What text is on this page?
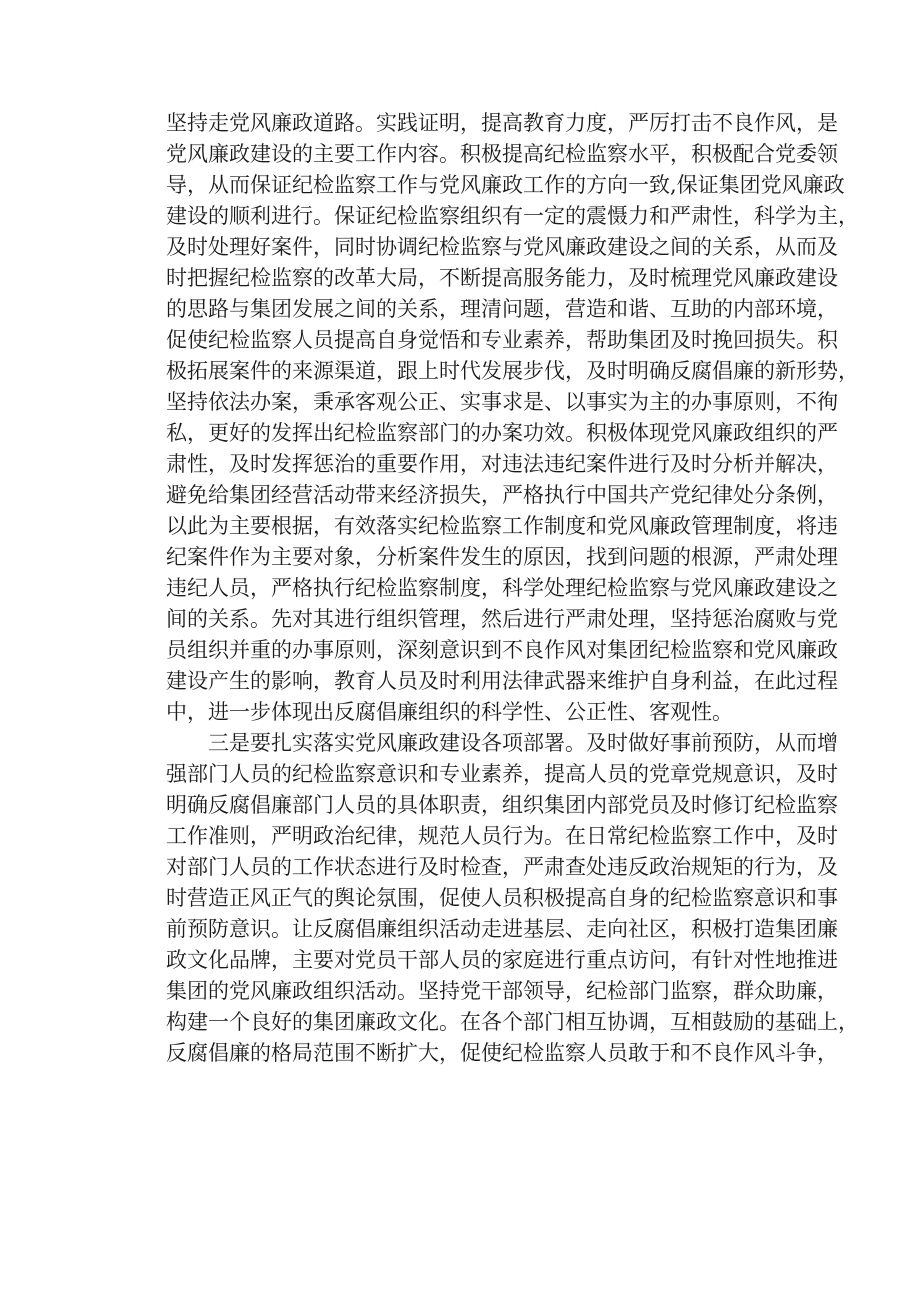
坚持走党风廉政道路。实践证明，提高教育力度，严厉打击不良作风，是
党风廉政建设的主要工作内容。积极提高纪检监察水平，积极配合党委领
导，从而保证纪检监察工作与党风廉政工作的方向一致,保证集团党风廉政
建设的顺利进行。保证纪检监察组织有一定的震慑力和严肃性，科学为主，
及时处理好案件，同时协调纪检监察与党风廉政建设之间的关系，从而及
时把握纪检监察的改革大局，不断提高服务能力，及时梳理党风廉政建设
的思路与集团发展之间的关系，理清问题，营造和谐、互助的内部环境，
促使纪检监察人员提高自身觉悟和专业素养，帮助集团及时挽回损失。积
极拓展案件的来源渠道，跟上时代发展步伐，及时明确反腐倡廉的新形势，
坚持依法办案，秉承客观公正、实事求是、以事实为主的办事原则，不徇
私，更好的发挥出纪检监察部门的办案功效。积极体现党风廉政组织的严
肃性，及时发挥惩治的重要作用，对违法违纪案件进行及时分析并解决，
避免给集团经营活动带来经济损失，严格执行中国共产党纪律处分条例，
以此为主要根据，有效落实纪检监察工作制度和党风廉政管理制度，将违
纪案件作为主要对象，分析案件发生的原因，找到问题的根源，严肃处理
违纪人员，严格执行纪检监察制度，科学处理纪检监察与党风廉政建设之
间的关系。先对其进行组织管理，然后进行严肃处理，坚持惩治腐败与党
员组织并重的办事原则，深刻意识到不良作风对集团纪检监察和党风廉政
建设产生的影响，教育人员及时利用法律武器来维护自身利益，在此过程
中，进一步体现出反腐倡廉组织的科学性、公正性、客观性。
三是要扎实落实党风廉政建设各项部署。及时做好事前预防，从而增
强部门人员的纪检监察意识和专业素养，提高人员的党章党规意识，及时
明确反腐倡廉部门人员的具体职责，组织集团内部党员及时修订纪检监察
工作准则，严明政治纪律，规范人员行为。在日常纪检监察工作中，及时
对部门人员的工作状态进行及时检查，严肃查处违反政治规矩的行为，及
时营造正风正气的舆论氛围，促使人员积极提高自身的纪检监察意识和事
前预防意识。让反腐倡廉组织活动走进基层、走向社区，积极打造集团廉
政文化品牌，主要对党员干部人员的家庭进行重点访问，有针对性地推进
集团的党风廉政组织活动。坚持党干部领导，纪检部门监察，群众助廉，
构建一个良好的集团廉政文化。在各个部门相互协调，互相鼓励的基础上，
反腐倡廉的格局范围不断扩大，促使纪检监察人员敢于和不良作风斗争，
